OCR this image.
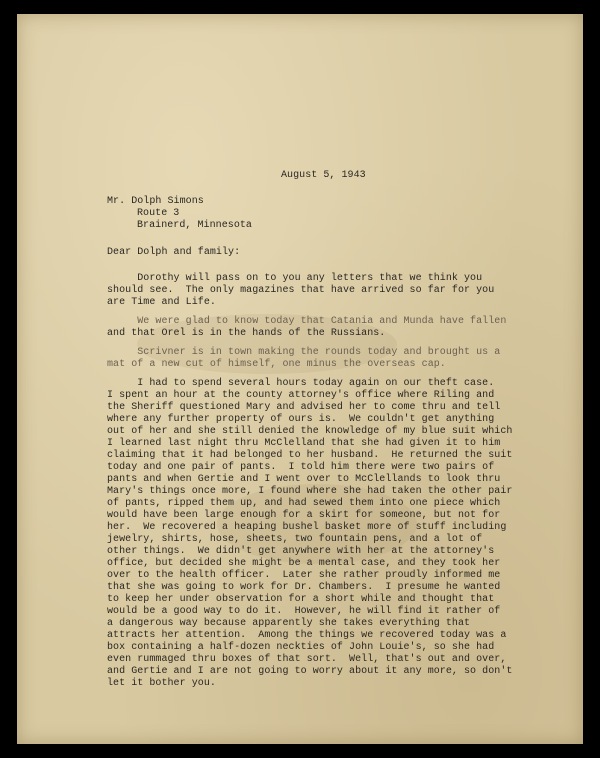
August 5, 1943
Mr. Dolph Simons
Route 3
Brainerd, Minnesota
Dear Dolph and family:
Dorothy will pass on to you any letters that we think you
should see.  The only magazines that have arrived so far for you
are Time and Life.
We were glad to know today that Catania and Munda have fallen
and that Orel is in the hands of the Russians.
Scrivner is in town making the rounds today and brought us a
mat of a new cut of himself, one minus the overseas cap.
I had to spend several hours today again on our theft case.
I spent an hour at the county attorney's office where Riling and
the Sheriff questioned Mary and advised her to come thru and tell
where any further property of ours is.  We couldn't get anything
out of her and she still denied the knowledge of my blue suit which
I learned last night thru McClelland that she had given it to him
claiming that it had belonged to her husband.  He returned the suit
today and one pair of pants.  I told him there were two pairs of
pants and when Gertie and I went over to McClellands to look thru
Mary's things once more, I found where she had taken the other pair
of pants, ripped them up, and had sewed them into one piece which
would have been large enough for a skirt for someone, but not for
her.  We recovered a heaping bushel basket more of stuff including
jewelry, shirts, hose, sheets, two fountain pens, and a lot of
other things.  We didn't get anywhere with her at the attorney's
office, but decided she might be a mental case, and they took her
over to the health officer.  Later she rather proudly informed me
that she was going to work for Dr. Chambers.  I presume he wanted
to keep her under observation for a short while and thought that
would be a good way to do it.  However, he will find it rather of
a dangerous way because apparently she takes everything that
attracts her attention.  Among the things we recovered today was a
box containing a half-dozen neckties of John Louie's, so she had
even rummaged thru boxes of that sort.  Well, that's out and over,
and Gertie and I are not going to worry about it any more, so don't
let it bother you.
